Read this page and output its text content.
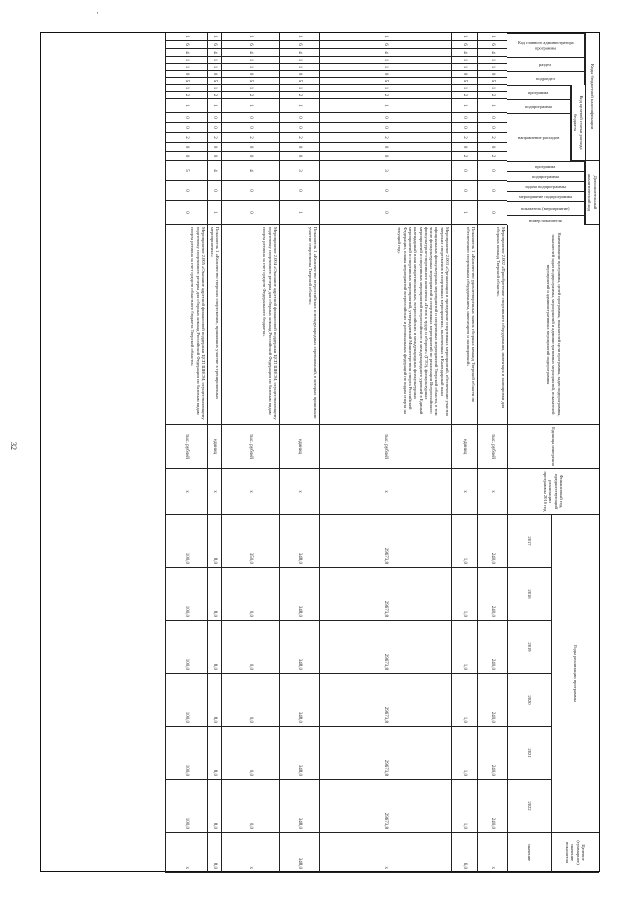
·
32
Коды бюджетной классификации
Дополнительный аналитический код
Код главного администратора программы
раздел
подраздел
Код целевой статьи расхода бюджета
программа
подпрограмма
направление расходов
программа
подпрограмма
задача подпрограммы
мероприятие подпрограммы
показатель (мероприятие)
номер показателя
Наименование программы, целей программы, показателей цели программы, задач подпрограммы, показателей задач подпрограммы, мероприятий и административных мероприятий, показателей мероприятий и административных мероприятий подпрограммы
Единица измерения
Финансовый год, предшествующий реализации программы 2016 год
Годы реализации программы
2017
2018
2019
2020
2021
2022
Целевое (суммарное) значение показателя
значение
1
6
4
1
1
0
5
1
2
1
0
0
2
0
2
0
0
0
Мероприятие 2.002 «Приобретение спортивного оборудования, инвентаря и экипировки для сборных команд Тверской области»
тыс. рублей
х
240,0
240,0
240,0
240,0
240,0
240,0
х
1
6
4
1
1
0
5
1
2
1
0
0
2
0
2
0
0
1
Показатель 1 «Количество удовлетворенных заявок сборных команд Тверской области по обеспечению спортивным оборудованием, инвентарем и экипировкой»
единиц
х
1,0
1,0
1,0
1,0
1,0
1,0
6,0
1
6
4
1
1
0
5
1
2
1
0
0
2
0
0
3
0
0
Мероприятие 2.003 «Организация и проведение спортивных мероприятий, обеспечение участия тверских спортсменов в спортивных мероприятиях, включенных в Календарный план официальных физкультурных мероприятий и спортивных мероприятий Тверской области, в том числе физкультурных мероприятий и спортивных мероприятий по реализации Всероссийского физкультурно-спортивного комплекса «Готов к труду и обороне» (ГТО), физкультурных мероприятий и спортивных мероприятий всероссийского и международного уровней в Единый календарный план межрегиональных, всероссийских и международных физкультурных мероприятий и спортивных мероприятий, утверждаемый Министерством спорта Российской Федерации, планы мероприятий всероссийских и региональных федераций по видам спорта на текущий год»
тыс. рублей
х
29673,8
29673,8
29673,8
29673,8
29673,8
29673,8
х
1
6
4
1
1
0
5
1
2
1
0
0
2
0
0
3
0
1
Показатель 1 «Количество всероссийских и международных соревнований, в которых принимали участие спортсмены Тверской области»
единиц
х
348,0
348,0
348,0
348,0
348,0
348,0
348,0
1
6
4
1
1
0
5
1
2
1
0
0
2
0
0
4
0
0
Мероприятие 2.004 «Оказание адресной финансовой поддержки ЦСП ШВСМ, осуществляющему подготовку спортивного резерва для сборных команд Российской Федерации по базовым видам спорта региона за счет средств Федерального бюджета»
тыс. рублей
х
350,0
0,0
0,0
0,0
0,0
0,0
х
1
6
4
1
1
0
5
1
2
1
0
0
2
0
0
4
0
1
Показатель 1 «Количество тверских спортсменов, принявших участие в тренировочных мероприятиях»
единиц
х
8,0
8,0
8,0
8,0
8,0
8,0
8,0
1
6
4
1
1
0
5
1
2
1
0
0
2
0
0
5
0
0
Мероприятие 2.005 «Оказание адресной финансовой поддержки ЦСП ШВСМ, осуществляющему подготовку спортивного резерва для сборных команд Российской Федерации по базовым видам спорта региона за счет средств областного бюджета Тверской области»
тыс. рублей
х
100,0
100,0
100,0
100,0
100,0
100,0
х
